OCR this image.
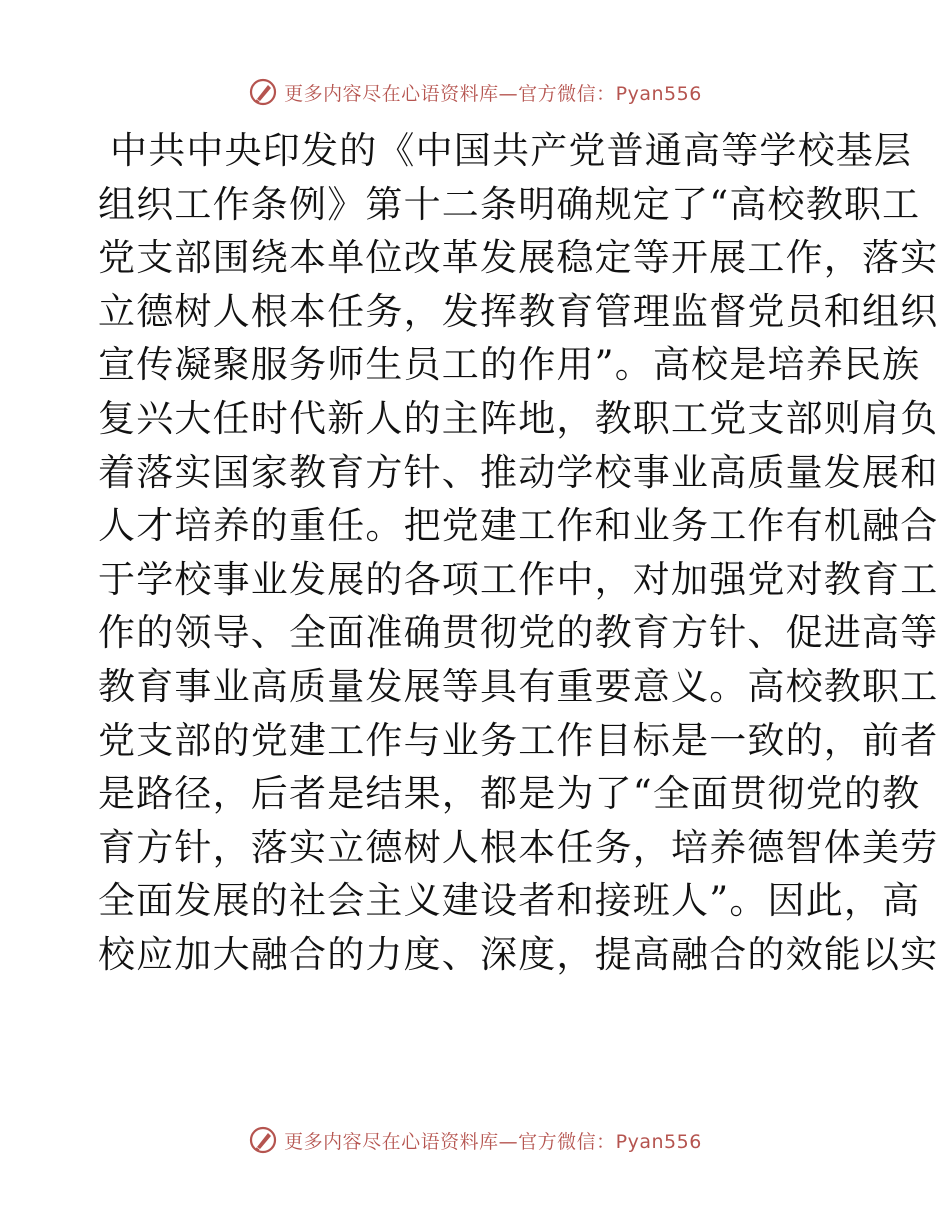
更多内容尽在心语资料库—官方微信：Pyan556
中共中央印发的《中国共产党普通高等学校基层
组织工作条例》第十二条明确规定了“高校教职工
党支部围绕本单位改革发展稳定等开展工作，落实
立德树人根本任务，发挥教育管理监督党员和组织
宣传凝聚服务师生员工的作用”。高校是培养民族
复兴大任时代新人的主阵地，教职工党支部则肩负
着落实国家教育方针、推动学校事业高质量发展和
人才培养的重任。把党建工作和业务工作有机融合
于学校事业发展的各项工作中，对加强党对教育工
作的领导、全面准确贯彻党的教育方针、促进高等
教育事业高质量发展等具有重要意义。高校教职工
党支部的党建工作与业务工作目标是一致的，前者
是路径，后者是结果，都是为了“全面贯彻党的教
育方针，落实立德树人根本任务，培养德智体美劳
全面发展的社会主义建设者和接班人”。因此，高
校应加大融合的力度、深度，提高融合的效能以实
更多内容尽在心语资料库—官方微信：Pyan556
